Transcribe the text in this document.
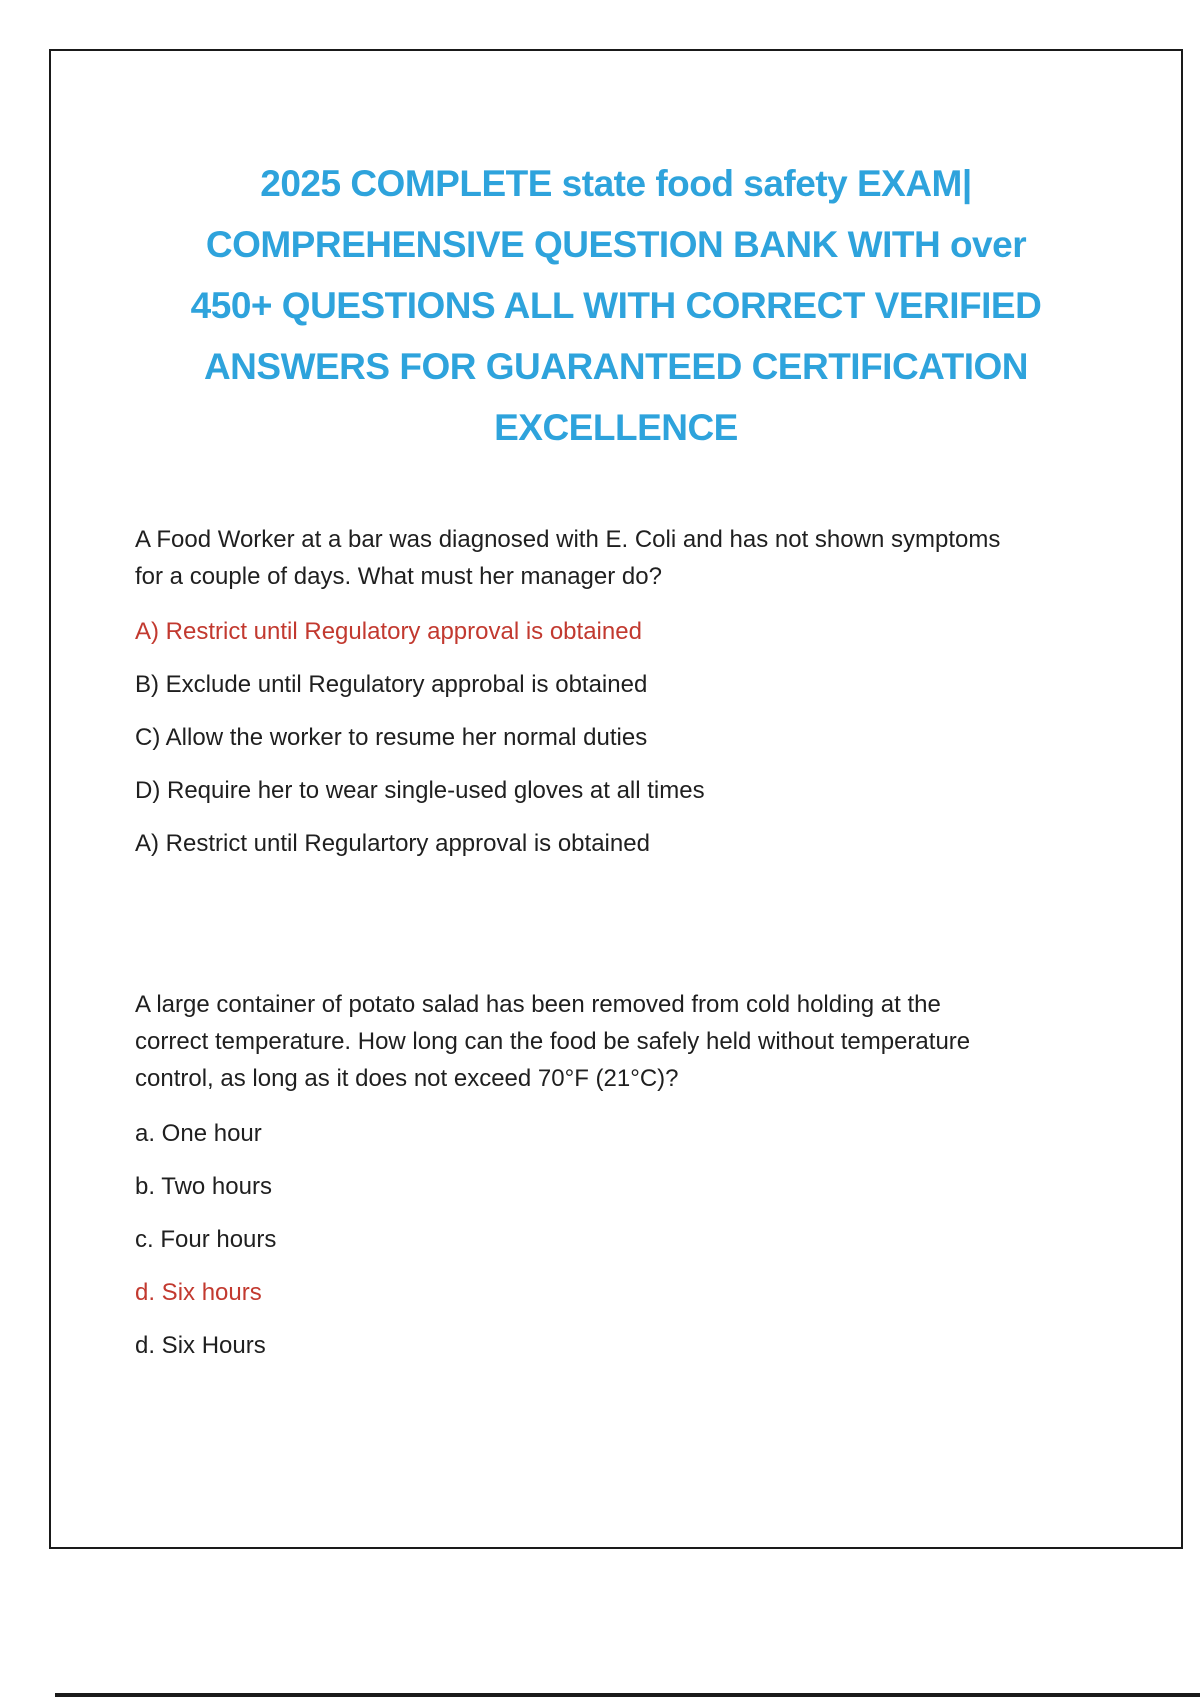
2025 COMPLETE state food safety EXAM|
COMPREHENSIVE QUESTION BANK WITH over
450+ QUESTIONS ALL WITH CORRECT VERIFIED
ANSWERS FOR GUARANTEED CERTIFICATION
EXCELLENCE

A Food Worker at a bar was diagnosed with E. Coli and has not shown symptoms
for a couple of days. What must her manager do?

A) Restrict until Regulatory approval is obtained
B) Exclude until Regulatory approbal is obtained
C) Allow the worker to resume her normal duties
D) Require her to wear single-used gloves at all times
A) Restrict until Regulartory approval is obtained

A large container of potato salad has been removed from cold holding at the
correct temperature. How long can the food be safely held without temperature
control, as long as it does not exceed 70°F (21°C)?

a. One hour
b. Two hours
c. Four hours
d. Six hours
d. Six Hours
